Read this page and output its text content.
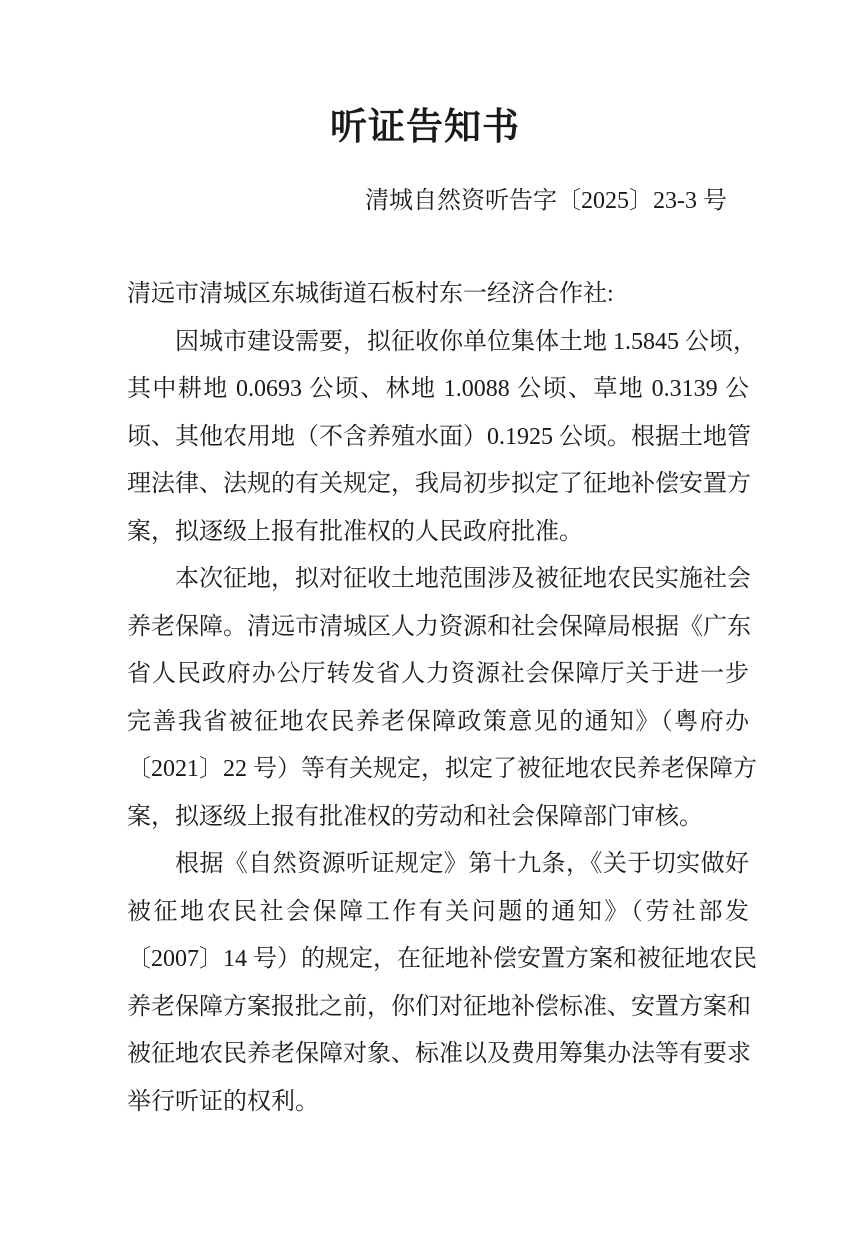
听证告知书
清城自然资听告字〔2025〕23-3 号
清远市清城区东城街道石板村东一经济合作社:
因城市建设需要，拟征收你单位集体土地 1.5845 公顷，
其中耕地 0.0693 公顷、林地 1.0088 公顷、草地 0.3139 公
顷、其他农用地（不含养殖水面）0.1925 公顷。根据土地管
理法律、法规的有关规定，我局初步拟定了征地补偿安置方
案，拟逐级上报有批准权的人民政府批准。
本次征地，拟对征收土地范围涉及被征地农民实施社会
养老保障。清远市清城区人力资源和社会保障局根据《广东
省人民政府办公厅转发省人力资源社会保障厅关于进一步
完善我省被征地农民养老保障政策意见的通知》（粤府办
〔2021〕22 号）等有关规定，拟定了被征地农民养老保障方
案，拟逐级上报有批准权的劳动和社会保障部门审核。
根据《自然资源听证规定》第十九条，《关于切实做好
被征地农民社会保障工作有关问题的通知》（劳社部发
〔2007〕14 号）的规定，在征地补偿安置方案和被征地农民
养老保障方案报批之前，你们对征地补偿标准、安置方案和
被征地农民养老保障对象、标准以及费用筹集办法等有要求
举行听证的权利。
